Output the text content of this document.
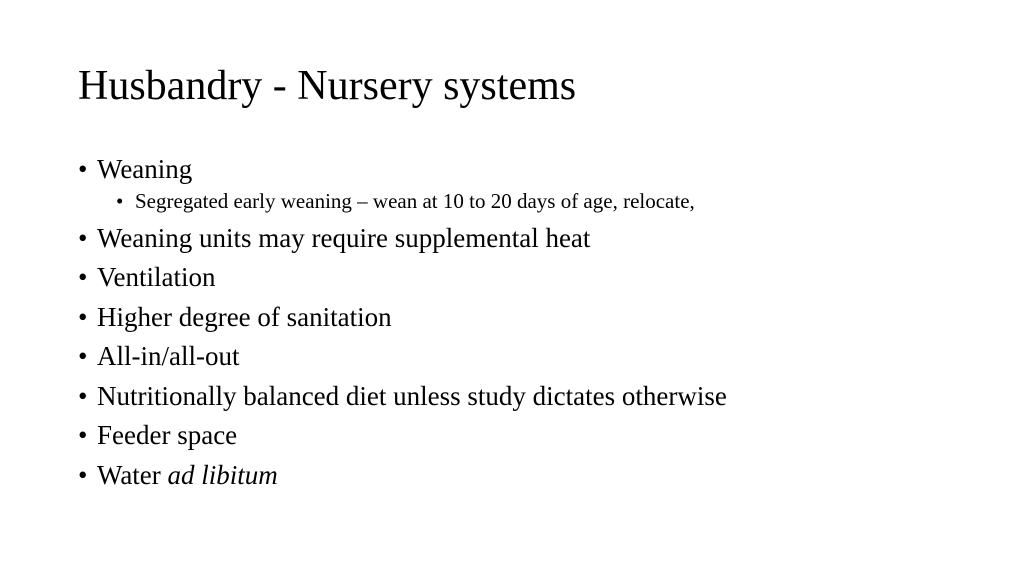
Husbandry - Nursery systems
• Weaning
• Segregated early weaning – wean at 10 to 20 days of age, relocate,
• Weaning units may require supplemental heat
• Ventilation
• Higher degree of sanitation
• All-in/all-out
• Nutritionally balanced diet unless study dictates otherwise
• Feeder space
• Water ad libitum
